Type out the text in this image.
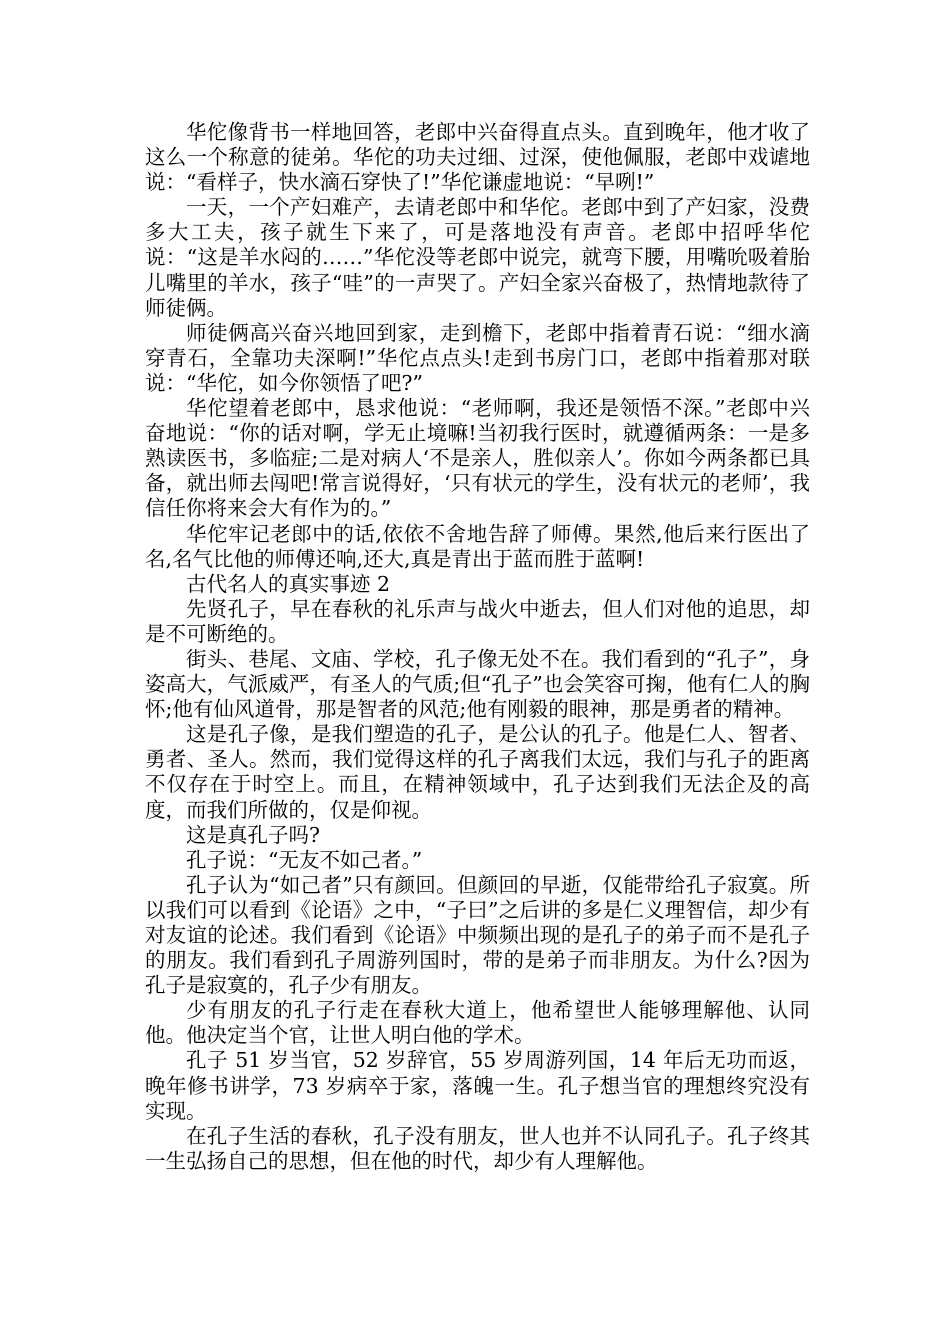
华佗像背书一样地回答，老郎中兴奋得直点头。直到晚年，他才收了这么一个称意的徒弟。华佗的功夫过细、过深，使他佩服，老郎中戏谑地说：“看样子，快水滴石穿快了!”华佗谦虚地说：“早咧!”

一天，一个产妇难产，去请老郎中和华佗。老郎中到了产妇家，没费多大工夫，孩子就生下来了，可是落地没有声音。老郎中招呼华佗说：“这是羊水闷的……”华佗没等老郎中说完，就弯下腰，用嘴吮吸着胎儿嘴里的羊水，孩子“哇”的一声哭了。产妇全家兴奋极了，热情地款待了师徒俩。

师徒俩高兴奋兴地回到家，走到檐下，老郎中指着青石说：“细水滴穿青石，全靠功夫深啊!”华佗点点头!走到书房门口，老郎中指着那对联说：“华佗，如今你领悟了吧?”

华佗望着老郎中，恳求他说：“老师啊，我还是领悟不深。”老郎中兴奋地说：“你的话对啊，学无止境嘛!当初我行医时，就遵循两条：一是多熟读医书，多临症;二是对病人‘不是亲人，胜似亲人’。你如今两条都已具备，就出师去闯吧!常言说得好，‘只有状元的学生，没有状元的老师’，我信任你将来会大有作为的。”

华佗牢记老郎中的话,依依不舍地告辞了师傅。果然,他后来行医出了名,名气比他的师傅还响,还大,真是青出于蓝而胜于蓝啊!

古代名人的真实事迹 2

先贤孔子，早在春秋的礼乐声与战火中逝去，但人们对他的追思，却是不可断绝的。

街头、巷尾、文庙、学校，孔子像无处不在。我们看到的“孔子”，身姿高大，气派威严，有圣人的气质;但“孔子”也会笑容可掬，他有仁人的胸怀;他有仙风道骨，那是智者的风范;他有刚毅的眼神，那是勇者的精神。

这是孔子像，是我们塑造的孔子，是公认的孔子。他是仁人、智者、勇者、圣人。然而，我们觉得这样的孔子离我们太远，我们与孔子的距离不仅存在于时空上。而且，在精神领域中，孔子达到我们无法企及的高度，而我们所做的，仅是仰视。

这是真孔子吗?

孔子说：“无友不如己者。”

孔子认为“如己者”只有颜回。但颜回的早逝，仅能带给孔子寂寞。所以我们可以看到《论语》之中，“子曰”之后讲的多是仁义理智信，却少有对友谊的论述。我们看到《论语》中频频出现的是孔子的弟子而不是孔子的朋友。我们看到孔子周游列国时，带的是弟子而非朋友。为什么?因为孔子是寂寞的，孔子少有朋友。

少有朋友的孔子行走在春秋大道上，他希望世人能够理解他、认同他。他决定当个官，让世人明白他的学术。

孔子 51 岁当官，52 岁辞官，55 岁周游列国，14 年后无功而返，晚年修书讲学，73 岁病卒于家，落魄一生。孔子想当官的理想终究没有实现。

在孔子生活的春秋，孔子没有朋友，世人也并不认同孔子。孔子终其一生弘扬自己的思想，但在他的时代，却少有人理解他。
